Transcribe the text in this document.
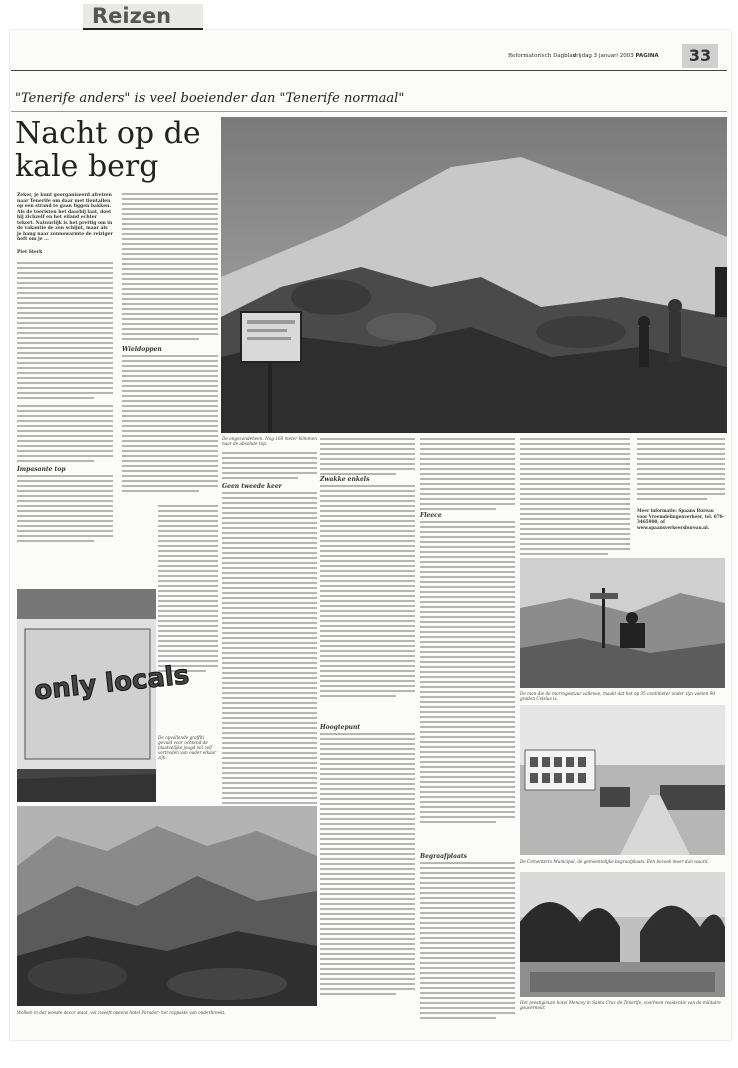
Reizen
Reformatorisch Dagblad
vrijdag 3 januari 2003 PAGINA	33
"Tenerife anders" is veel boeiender dan "Tenerife normaal"
Nacht op de kale berg
Zeker, je kunt georganiseerd afreizen naar Tenerife om daar met tientallen op een strand te gaan liggen bakken. Als de toeristen het daarbij laat, doet hij zichzelf en het eiland echter tekort. Natuurlijk is het prettig om in de vakantie de zon schijnt, maar als je hang naar zonnewarmte de reiziger heft om je ...
Piet Sterk
Impasante top
Wieldoppen
Geen tweede keer
Zwakke enkels
Hoogtepunt
Fleece
Begraafplaats
Meer informatie: Spaans Bureau voor Vreemdelingenverkeer, tel. 070-3465900, of www.spaansverkeersbureau.nl.
De ongezandeheen. Nog 160 meter klimmen naar de absolute top.
only locals
De opvallende graffiti gevuld voor ochtend de plaatselijke jeugd wil zelf vertreden van ouder elkaar zijn.
Wolken in dat woeste decor staat, vol zweeft opeens hotel Parador: het rappaste van onderbreekt.
De man die de morrogestuur vallenee, maakt dat het op 35 centimeter onder zijn voeten 90 graden Celsius is.
De Cementerio Municipal, de gemeentelijke begraafplaats. Een bezoek meer dan waard.
Het prestigieuze hotel Mencey in Santa Cruz de Tenerife, voorheen residentie van de militaire gouverneur.
